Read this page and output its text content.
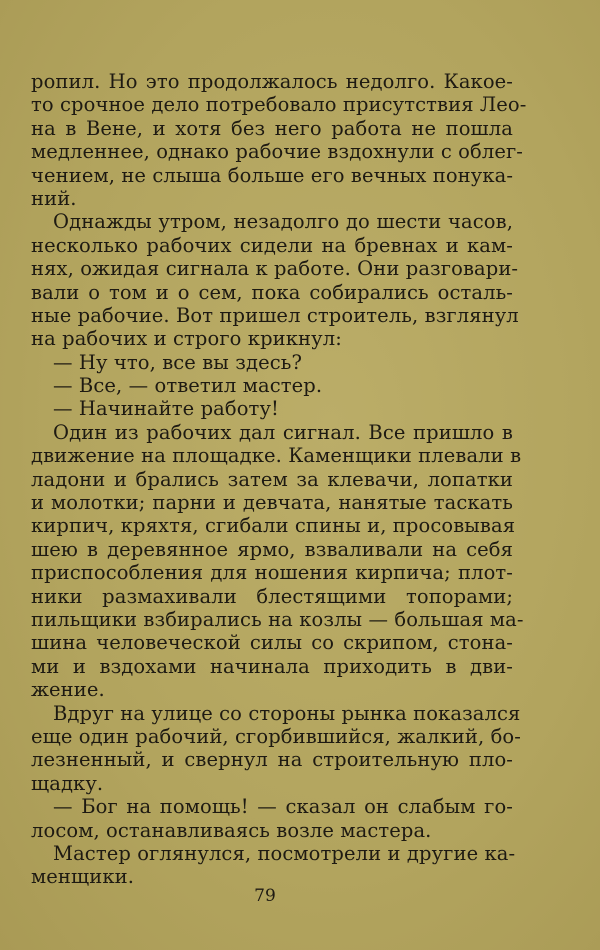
ропил. Но это продолжалось недолго. Какое-
то срочное дело потребовало присутствия Лео-
на в Вене, и хотя без него работа не пошла
медленнее, однако рабочие вздохнули с облег-
чением, не слыша больше его вечных понука-
ний.
Однажды утром, незадолго до шести часов,
несколько рабочих сидели на бревнах и кам-
нях, ожидая сигнала к работе. Они разговари-
вали о том и о сем, пока собирались осталь-
ные рабочие. Вот пришел строитель, взглянул
на рабочих и строго крикнул:
— Ну что, все вы здесь?
— Все, — ответил мастер.
— Начинайте работу!
Один из рабочих дал сигнал. Все пришло в
движение на площадке. Каменщики плевали в
ладони и брались затем за клевачи, лопатки
и молотки; парни и девчата, нанятые таскать
кирпич, кряхтя, сгибали спины и, просовывая
шею в деревянное ярмо, взваливали на себя
приспособления для ношения кирпича; плот-
ники размахивали блестящими топорами;
пильщики взбирались на козлы — большая ма-
шина человеческой силы со скрипом, стона-
ми и вздохами начинала приходить в дви-
жение.
Вдруг на улице со стороны рынка показался
еще один рабочий, сгорбившийся, жалкий, бо-
лезненный, и свернул на строительную пло-
щадку.
— Бог на помощь! — сказал он слабым го-
лосом, останавливаясь возле мастера.
Мастер оглянулся, посмотрели и другие ка-
менщики.
79
